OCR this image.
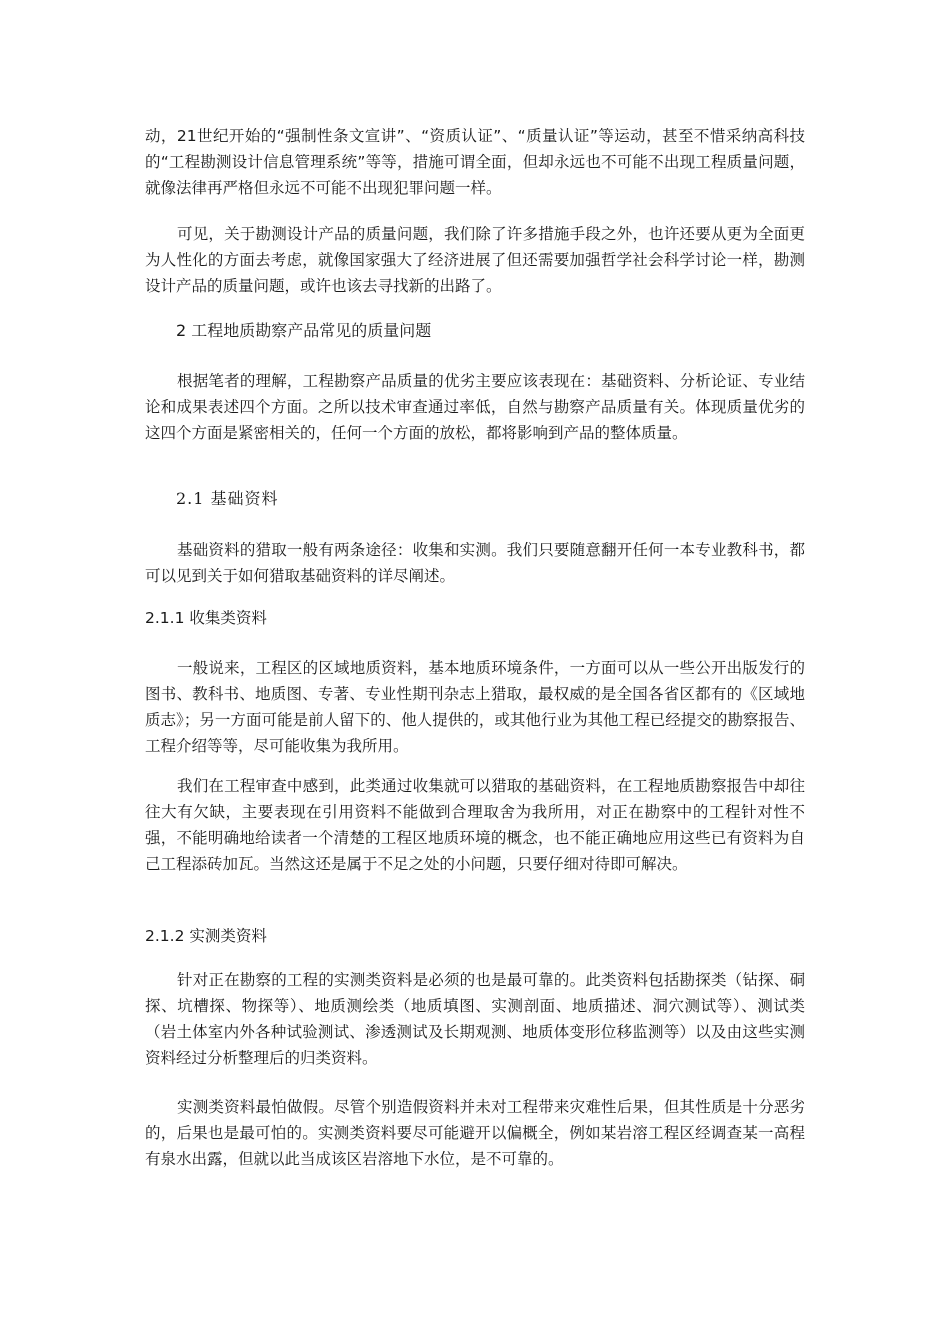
动，21世纪开始的“强制性条文宣讲”、“资质认证”、“质量认证”等运动，甚至不惜采纳高科技的“工程勘测设计信息管理系统”等等，措施可谓全面，但却永远也不可能不出现工程质量问题，就像法律再严格但永远不可能不出现犯罪问题一样。

可见，关于勘测设计产品的质量问题，我们除了许多措施手段之外，也许还要从更为全面更为人性化的方面去考虑，就像国家强大了经济进展了但还需要加强哲学社会科学讨论一样，勘测设计产品的质量问题，或许也该去寻找新的出路了。

2 工程地质勘察产品常见的质量问题

根据笔者的理解，工程勘察产品质量的优劣主要应该表现在：基础资料、分析论证、专业结论和成果表述四个方面。之所以技术审查通过率低，自然与勘察产品质量有关。体现质量优劣的这四个方面是紧密相关的，任何一个方面的放松，都将影响到产品的整体质量。

2.1 基础资料

基础资料的猎取一般有两条途径：收集和实测。我们只要随意翻开任何一本专业教科书，都可以见到关于如何猎取基础资料的详尽阐述。

2.1.1 收集类资料

一般说来，工程区的区域地质资料，基本地质环境条件，一方面可以从一些公开出版发行的图书、教科书、地质图、专著、专业性期刊杂志上猎取，最权威的是全国各省区都有的《区域地质志》；另一方面可能是前人留下的、他人提供的，或其他行业为其他工程已经提交的勘察报告、工程介绍等等，尽可能收集为我所用。

我们在工程审查中感到，此类通过收集就可以猎取的基础资料，在工程地质勘察报告中却往往大有欠缺，主要表现在引用资料不能做到合理取舍为我所用，对正在勘察中的工程针对性不强，不能明确地给读者一个清楚的工程区地质环境的概念，也不能正确地应用这些已有资料为自己工程添砖加瓦。当然这还是属于不足之处的小问题，只要仔细对待即可解决。

2.1.2 实测类资料

针对正在勘察的工程的实测类资料是必须的也是最可靠的。此类资料包括勘探类（钻探、硐探、坑槽探、物探等）、地质测绘类（地质填图、实测剖面、地质描述、洞穴测试等）、测试类（岩土体室内外各种试验测试、渗透测试及长期观测、地质体变形位移监测等）以及由这些实测资料经过分析整理后的归类资料。

实测类资料最怕做假。尽管个别造假资料并未对工程带来灾难性后果，但其性质是十分恶劣的，后果也是最可怕的。实测类资料要尽可能避开以偏概全，例如某岩溶工程区经调查某一高程有泉水出露，但就以此当成该区岩溶地下水位，是不可靠的。
